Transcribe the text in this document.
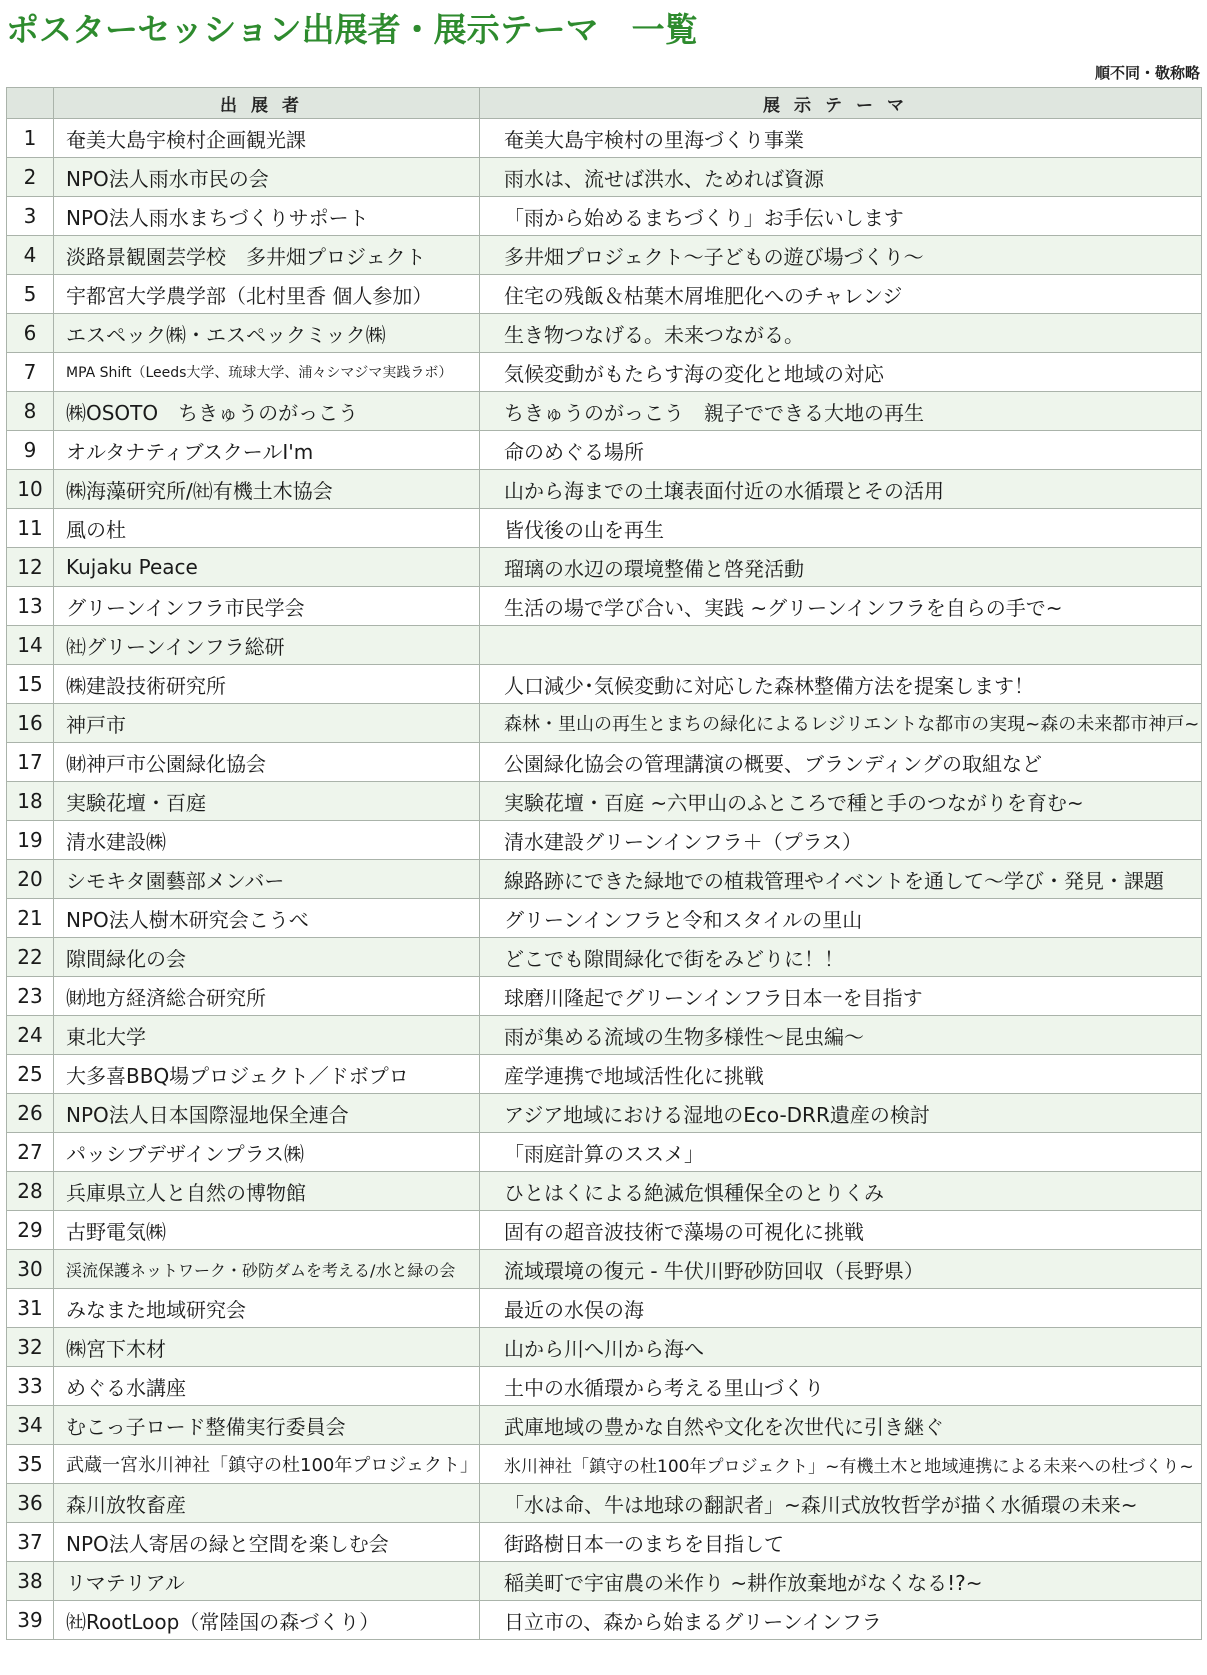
ポスターセッション出展者・展示テーマ　一覧
順不同・敬称略
	出展者	展示テーマ
1	奄美大島宇検村企画観光課	奄美大島宇検村の里海づくり事業
2	NPO法人雨水市民の会	雨水は、流せば洪水、ためれば資源
3	NPO法人雨水まちづくりサポート	「雨から始めるまちづくり」お手伝いします
4	淡路景観園芸学校　多井畑プロジェクト	多井畑プロジェクト～子どもの遊び場づくり～
5	宇都宮大学農学部（北村里香 個人参加）	住宅の残飯＆枯葉木屑堆肥化へのチャレンジ
6	エスペック㈱・エスペックミック㈱	生き物つなげる。未来つながる。
7	MPA Shift（Leeds大学、琉球大学、浦々シマジマ実践ラボ）	気候変動がもたらす海の変化と地域の対応
8	㈱OSOTO　ちきゅうのがっこう	ちきゅうのがっこう　親子でできる大地の再生
9	オルタナティブスクールI'm	命のめぐる場所
10	㈱海藻研究所/㈳有機土木協会	山から海までの土壌表面付近の水循環とその活用
11	風の杜	皆伐後の山を再生
12	Kujaku Peace	瑠璃の水辺の環境整備と啓発活動
13	グリーンインフラ市民学会	生活の場で学び合い、実践 ~グリーンインフラを自らの手で~
14	㈳グリーンインフラ総研	
15	㈱建設技術研究所	人口減少･気候変動に対応した森林整備方法を提案します！
16	神戸市	森林・里山の再生とまちの緑化によるレジリエントな都市の実現~森の未来都市神戸~
17	㈶神戸市公園緑化協会	公園緑化協会の管理講演の概要、ブランディングの取組など
18	実験花壇・百庭	実験花壇・百庭 ~六甲山のふところで種と手のつながりを育む~
19	清水建設㈱	清水建設グリーンインフラ＋（プラス）
20	シモキタ園藝部メンバー	線路跡にできた緑地での植栽管理やイベントを通して～学び・発見・課題
21	NPO法人樹木研究会こうべ	グリーンインフラと令和スタイルの里山
22	隙間緑化の会	どこでも隙間緑化で街をみどりに！！
23	㈶地方経済総合研究所	球磨川隆起でグリーンインフラ日本一を目指す
24	東北大学	雨が集める流域の生物多様性～昆虫編～
25	大多喜BBQ場プロジェクト／ドボプロ	産学連携で地域活性化に挑戦
26	NPO法人日本国際湿地保全連合	アジア地域における湿地のEco-DRR遺産の検討
27	パッシブデザインプラス㈱	「雨庭計算のススメ」
28	兵庫県立人と自然の博物館	ひとはくによる絶滅危惧種保全のとりくみ
29	古野電気㈱	固有の超音波技術で藻場の可視化に挑戦
30	渓流保護ネットワーク・砂防ダムを考える/水と緑の会	流域環境の復元 - 牛伏川野砂防回収（長野県）
31	みなまた地域研究会	最近の水俣の海
32	㈱宮下木材	山から川へ川から海へ
33	めぐる水講座	土中の水循環から考える里山づくり
34	むこっ子ロード整備実行委員会	武庫地域の豊かな自然や文化を次世代に引き継ぐ
35	武蔵一宮氷川神社「鎮守の杜100年プロジェクト」	氷川神社「鎮守の杜100年プロジェクト」~有機土木と地域連携による未来への杜づくり~
36	森川放牧畜産	「水は命、牛は地球の翻訳者」~森川式放牧哲学が描く水循環の未来~
37	NPO法人寄居の緑と空間を楽しむ会	街路樹日本一のまちを目指して
38	リマテリアル	稲美町で宇宙農の米作り ~耕作放棄地がなくなる!?~
39	㈳RootLoop（常陸国の森づくり）	日立市の、森から始まるグリーンインフラ
